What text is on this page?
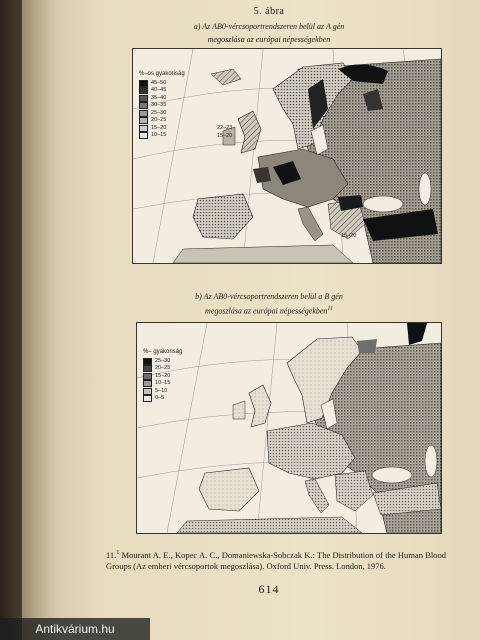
5. ábra
a) Az AB0-vércsoportrendszeren belül az A gén
megoszlása az európai népességekben
%–os gyakoriság
45–50
40–45
35–40
30–35
25–30
20–25
15–20
10–15
22–23
15–20
15–20
b) Az AB0-vércsoportrendszeren belül a B gén
megoszlása az európai népességekben$^{11}$
%– gyakoriság
25–30
20–25
15–20
10–15
5–10
0–5
11.$^1$ Mourant A. E., Kopec A. C., Domaniewska-Sobczak K.: The Distribution of the Human Blood Groups (Az emberi vércsoportok megoszlása). Oxford Univ. Press. London, 1976.
614
Antikvárium.hu
